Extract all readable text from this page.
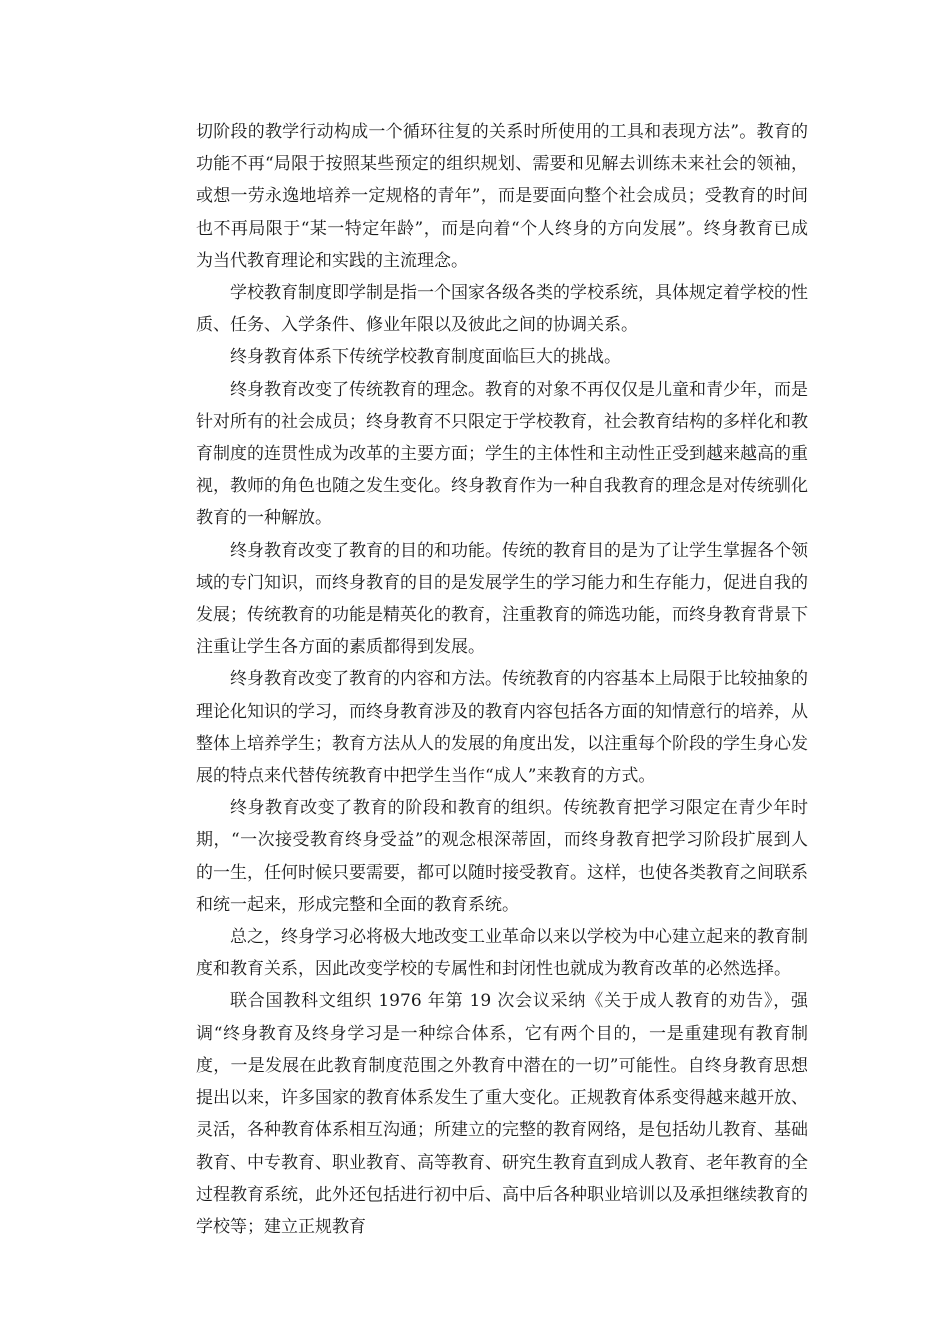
切阶段的教学行动构成一个循环往复的关系时所使用的工具和表现方法”。教育的功能不再“局限于按照某些预定的组织规划、需要和见解去训练未来社会的领袖，或想一劳永逸地培养一定规格的青年”，而是要面向整个社会成员；受教育的时间也不再局限于“某一特定年龄”，而是向着“个人终身的方向发展”。终身教育已成为当代教育理论和实践的主流理念。

学校教育制度即学制是指一个国家各级各类的学校系统，具体规定着学校的性质、任务、入学条件、修业年限以及彼此之间的协调关系。

终身教育体系下传统学校教育制度面临巨大的挑战。

终身教育改变了传统教育的理念。教育的对象不再仅仅是儿童和青少年，而是针对所有的社会成员；终身教育不只限定于学校教育，社会教育结构的多样化和教育制度的连贯性成为改革的主要方面；学生的主体性和主动性正受到越来越高的重视，教师的角色也随之发生变化。终身教育作为一种自我教育的理念是对传统驯化教育的一种解放。

终身教育改变了教育的目的和功能。传统的教育目的是为了让学生掌握各个领域的专门知识，而终身教育的目的是发展学生的学习能力和生存能力，促进自我的发展；传统教育的功能是精英化的教育，注重教育的筛选功能，而终身教育背景下注重让学生各方面的素质都得到发展。

终身教育改变了教育的内容和方法。传统教育的内容基本上局限于比较抽象的理论化知识的学习，而终身教育涉及的教育内容包括各方面的知情意行的培养，从整体上培养学生；教育方法从人的发展的角度出发，以注重每个阶段的学生身心发展的特点来代替传统教育中把学生当作“成人”来教育的方式。

终身教育改变了教育的阶段和教育的组织。传统教育把学习限定在青少年时期，“一次接受教育终身受益”的观念根深蒂固，而终身教育把学习阶段扩展到人的一生，任何时候只要需要，都可以随时接受教育。这样，也使各类教育之间联系和统一起来，形成完整和全面的教育系统。

总之，终身学习必将极大地改变工业革命以来以学校为中心建立起来的教育制度和教育关系，因此改变学校的专属性和封闭性也就成为教育改革的必然选择。

联合国教科文组织 1976 年第 19 次会议采纳《关于成人教育的劝告》，强调“终身教育及终身学习是一种综合体系，它有两个目的，一是重建现有教育制度，一是发展在此教育制度范围之外教育中潜在的一切”可能性。自终身教育思想提出以来，许多国家的教育体系发生了重大变化。正规教育体系变得越来越开放、灵活，各种教育体系相互沟通；所建立的完整的教育网络，是包括幼儿教育、基础教育、中专教育、职业教育、高等教育、研究生教育直到成人教育、老年教育的全过程教育系统，此外还包括进行初中后、高中后各种职业培训以及承担继续教育的学校等；建立正规教育
